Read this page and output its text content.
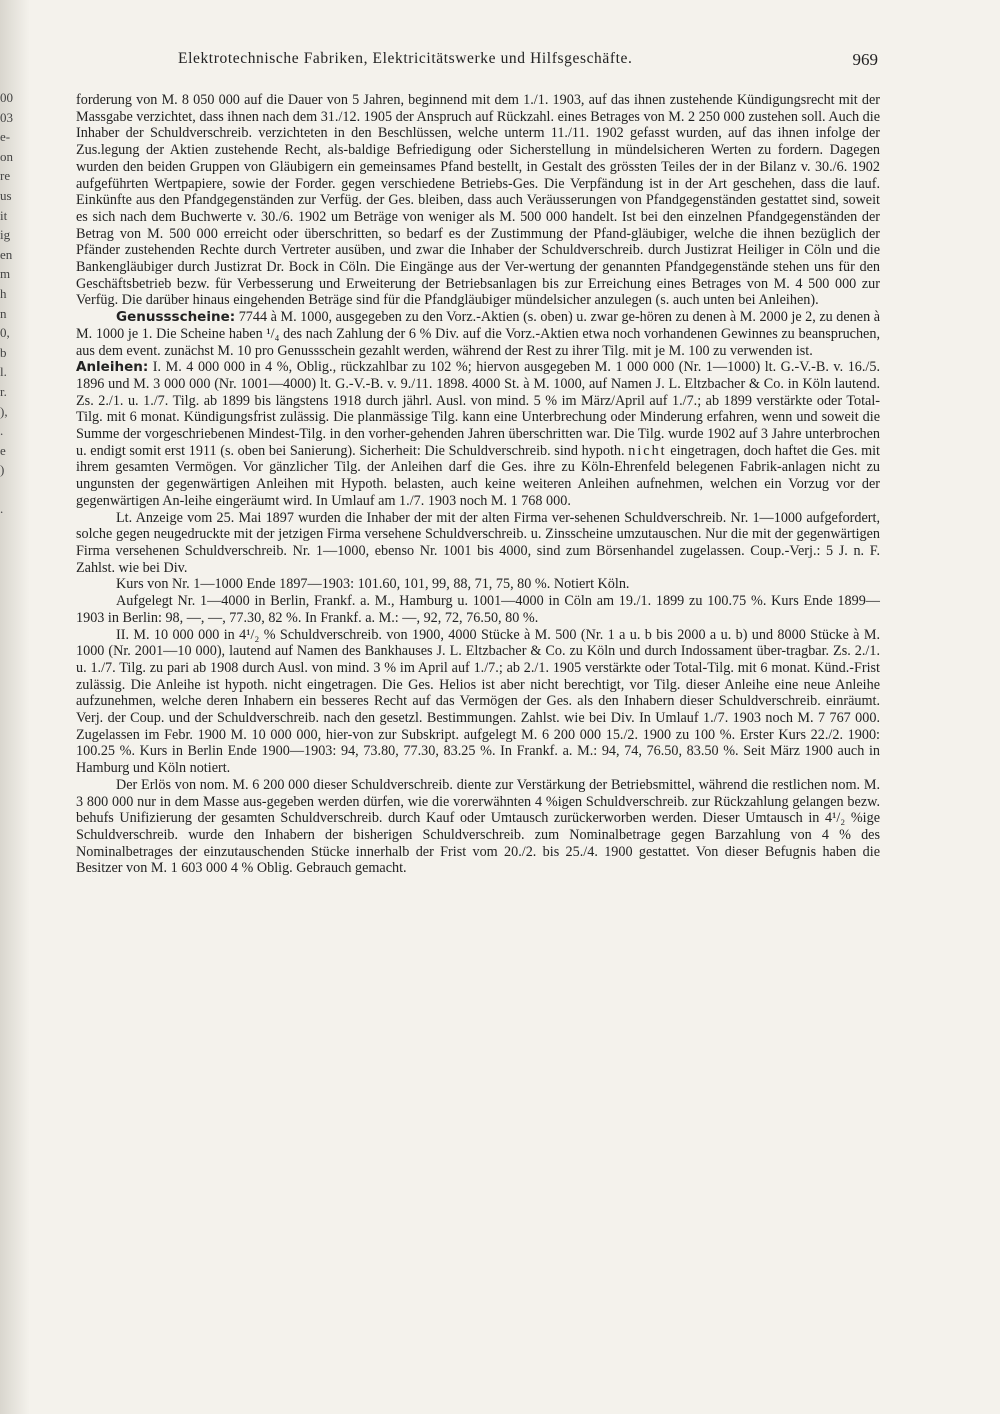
00
03
e-
on
re
us
it
ig
en
m
h
n
0,
b
l.
r.
),
.
e
)
.
Elektrotechnische Fabriken, Elektricitätswerke und Hilfsgeschäfte.	969

forderung von M. 8 050 000 auf die Dauer von 5 Jahren, beginnend mit dem 1./1. 1903, auf das ihnen zustehende Kündigungsrecht mit der Massgabe verzichtet, dass ihnen nach dem 31./12. 1905 der Anspruch auf Rückzahl. eines Betrages von M. 2 250 000 zustehen soll. Auch die Inhaber der Schuldverschreib. verzichteten in den Beschlüssen, welche unterm 11./11. 1902 gefasst wurden, auf das ihnen infolge der Zus.legung der Aktien zustehende Recht, als-baldige Befriedigung oder Sicherstellung in mündelsicheren Werten zu fordern. Dagegen wurden den beiden Gruppen von Gläubigern ein gemeinsames Pfand bestellt, in Gestalt des grössten Teiles der in der Bilanz v. 30./6. 1902 aufgeführten Wertpapiere, sowie der Forder. gegen verschiedene Betriebs-Ges. Die Verpfändung ist in der Art geschehen, dass die lauf. Einkünfte aus den Pfandgegenständen zur Verfüg. der Ges. bleiben, dass auch Veräusserungen von Pfandgegenständen gestattet sind, soweit es sich nach dem Buchwerte v. 30./6. 1902 um Beträge von weniger als M. 500 000 handelt. Ist bei den einzelnen Pfandgegenständen der Betrag von M. 500 000 erreicht oder überschritten, so bedarf es der Zustimmung der Pfand-gläubiger, welche die ihnen bezüglich der Pfänder zustehenden Rechte durch Vertreter ausüben, und zwar die Inhaber der Schuldverschreib. durch Justizrat Heiliger in Cöln und die Bankengläubiger durch Justizrat Dr. Bock in Cöln. Die Eingänge aus der Ver-wertung der genannten Pfandgegenstände stehen uns für den Geschäftsbetrieb bezw. für Verbesserung und Erweiterung der Betriebsanlagen bis zur Erreichung eines Betrages von M. 4 500 000 zur Verfüg. Die darüber hinaus eingehenden Beträge sind für die Pfandgläubiger mündelsicher anzulegen (s. auch unten bei Anleihen).

Genussscheine: 7744 à M. 1000, ausgegeben zu den Vorz.-Aktien (s. oben) u. zwar ge-hören zu denen à M. 2000 je 2, zu denen à M. 1000 je 1. Die Scheine haben ¹/₄ des nach Zahlung der 6 % Div. auf die Vorz.-Aktien etwa noch vorhandenen Gewinnes zu beanspruchen, aus dem event. zunächst M. 10 pro Genussschein gezahlt werden, während der Rest zu ihrer Tilg. mit je M. 100 zu verwenden ist.

Anleihen: I. M. 4 000 000 in 4 %, Oblig., rückzahlbar zu 102 %; hiervon ausgegeben M. 1 000 000 (Nr. 1—1000) lt. G.-V.-B. v. 16./5. 1896 und M. 3 000 000 (Nr. 1001—4000) lt. G.-V.-B. v. 9./11. 1898. 4000 St. à M. 1000, auf Namen J. L. Eltzbacher & Co. in Köln lautend. Zs. 2./1. u. 1./7. Tilg. ab 1899 bis längstens 1918 durch jährl. Ausl. von mind. 5 % im März/April auf 1./7.; ab 1899 verstärkte oder Total-Tilg. mit 6 monat. Kündigungsfrist zulässig. Die planmässige Tilg. kann eine Unterbrechung oder Minderung erfahren, wenn und soweit die Summe der vorgeschriebenen Mindest-Tilg. in den vorher-gehenden Jahren überschritten war. Die Tilg. wurde 1902 auf 3 Jahre unterbrochen u. endigt somit erst 1911 (s. oben bei Sanierung). Sicherheit: Die Schuldverschreib. sind hypoth. nicht eingetragen, doch haftet die Ges. mit ihrem gesamten Vermögen. Vor gänzlicher Tilg. der Anleihen darf die Ges. ihre zu Köln-Ehrenfeld belegenen Fabrik-anlagen nicht zu ungunsten der gegenwärtigen Anleihen mit Hypoth. belasten, auch keine weiteren Anleihen aufnehmen, welchen ein Vorzug vor der gegenwärtigen An-leihe eingeräumt wird. In Umlauf am 1./7. 1903 noch M. 1 768 000.

Lt. Anzeige vom 25. Mai 1897 wurden die Inhaber der mit der alten Firma ver-sehenen Schuldverschreib. Nr. 1—1000 aufgefordert, solche gegen neugedruckte mit der jetzigen Firma versehene Schuldverschreib. u. Zinsscheine umzutauschen. Nur die mit der gegenwärtigen Firma versehenen Schuldverschreib. Nr. 1—1000, ebenso Nr. 1001 bis 4000, sind zum Börsenhandel zugelassen. Coup.-Verj.: 5 J. n. F. Zahlst. wie bei Div.

Kurs von Nr. 1—1000 Ende 1897—1903: 101.60, 101, 99, 88, 71, 75, 80 %. Notiert Köln.

Aufgelegt Nr. 1—4000 in Berlin, Frankf. a. M., Hamburg u. 1001—4000 in Cöln am 19./1. 1899 zu 100.75 %. Kurs Ende 1899—1903 in Berlin: 98, —, —, 77.30, 82 %. In Frankf. a. M.: —, 92, 72, 76.50, 80 %.

II. M. 10 000 000 in 4¹/₂ % Schuldverschreib. von 1900, 4000 Stücke à M. 500 (Nr. 1 a u. b bis 2000 a u. b) und 8000 Stücke à M. 1000 (Nr. 2001—10 000), lautend auf Namen des Bankhauses J. L. Eltzbacher & Co. zu Köln und durch Indossament über-tragbar. Zs. 2./1. u. 1./7. Tilg. zu pari ab 1908 durch Ausl. von mind. 3 % im April auf 1./7.; ab 2./1. 1905 verstärkte oder Total-Tilg. mit 6 monat. Künd.-Frist zulässig. Die Anleihe ist hypoth. nicht eingetragen. Die Ges. Helios ist aber nicht berechtigt, vor Tilg. dieser Anleihe eine neue Anleihe aufzunehmen, welche deren Inhabern ein besseres Recht auf das Vermögen der Ges. als den Inhabern dieser Schuldverschreib. einräumt. Verj. der Coup. und der Schuldverschreib. nach den gesetzl. Bestimmungen. Zahlst. wie bei Div. In Umlauf 1./7. 1903 noch M. 7 767 000. Zugelassen im Febr. 1900 M. 10 000 000, hier-von zur Subskript. aufgelegt M. 6 200 000 15./2. 1900 zu 100 %. Erster Kurs 22./2. 1900: 100.25 %. Kurs in Berlin Ende 1900—1903: 94, 73.80, 77.30, 83.25 %. In Frankf. a. M.: 94, 74, 76.50, 83.50 %. Seit März 1900 auch in Hamburg und Köln notiert.

Der Erlös von nom. M. 6 200 000 dieser Schuldverschreib. diente zur Verstärkung der Betriebsmittel, während die restlichen nom. M. 3 800 000 nur in dem Masse aus-gegeben werden dürfen, wie die vorerwähnten 4 %igen Schuldverschreib. zur Rückzahlung gelangen bezw. behufs Unifizierung der gesamten Schuldverschreib. durch Kauf oder Umtausch zurückerworben werden. Dieser Umtausch in 4¹/₂ %ige Schuldverschreib. wurde den Inhabern der bisherigen Schuldverschreib. zum Nominalbetrage gegen Barzahlung von 4 % des Nominalbetrages der einzutauschenden Stücke innerhalb der Frist vom 20./2. bis 25./4. 1900 gestattet. Von dieser Befugnis haben die Besitzer von M. 1 603 000 4 % Oblig. Gebrauch gemacht.
